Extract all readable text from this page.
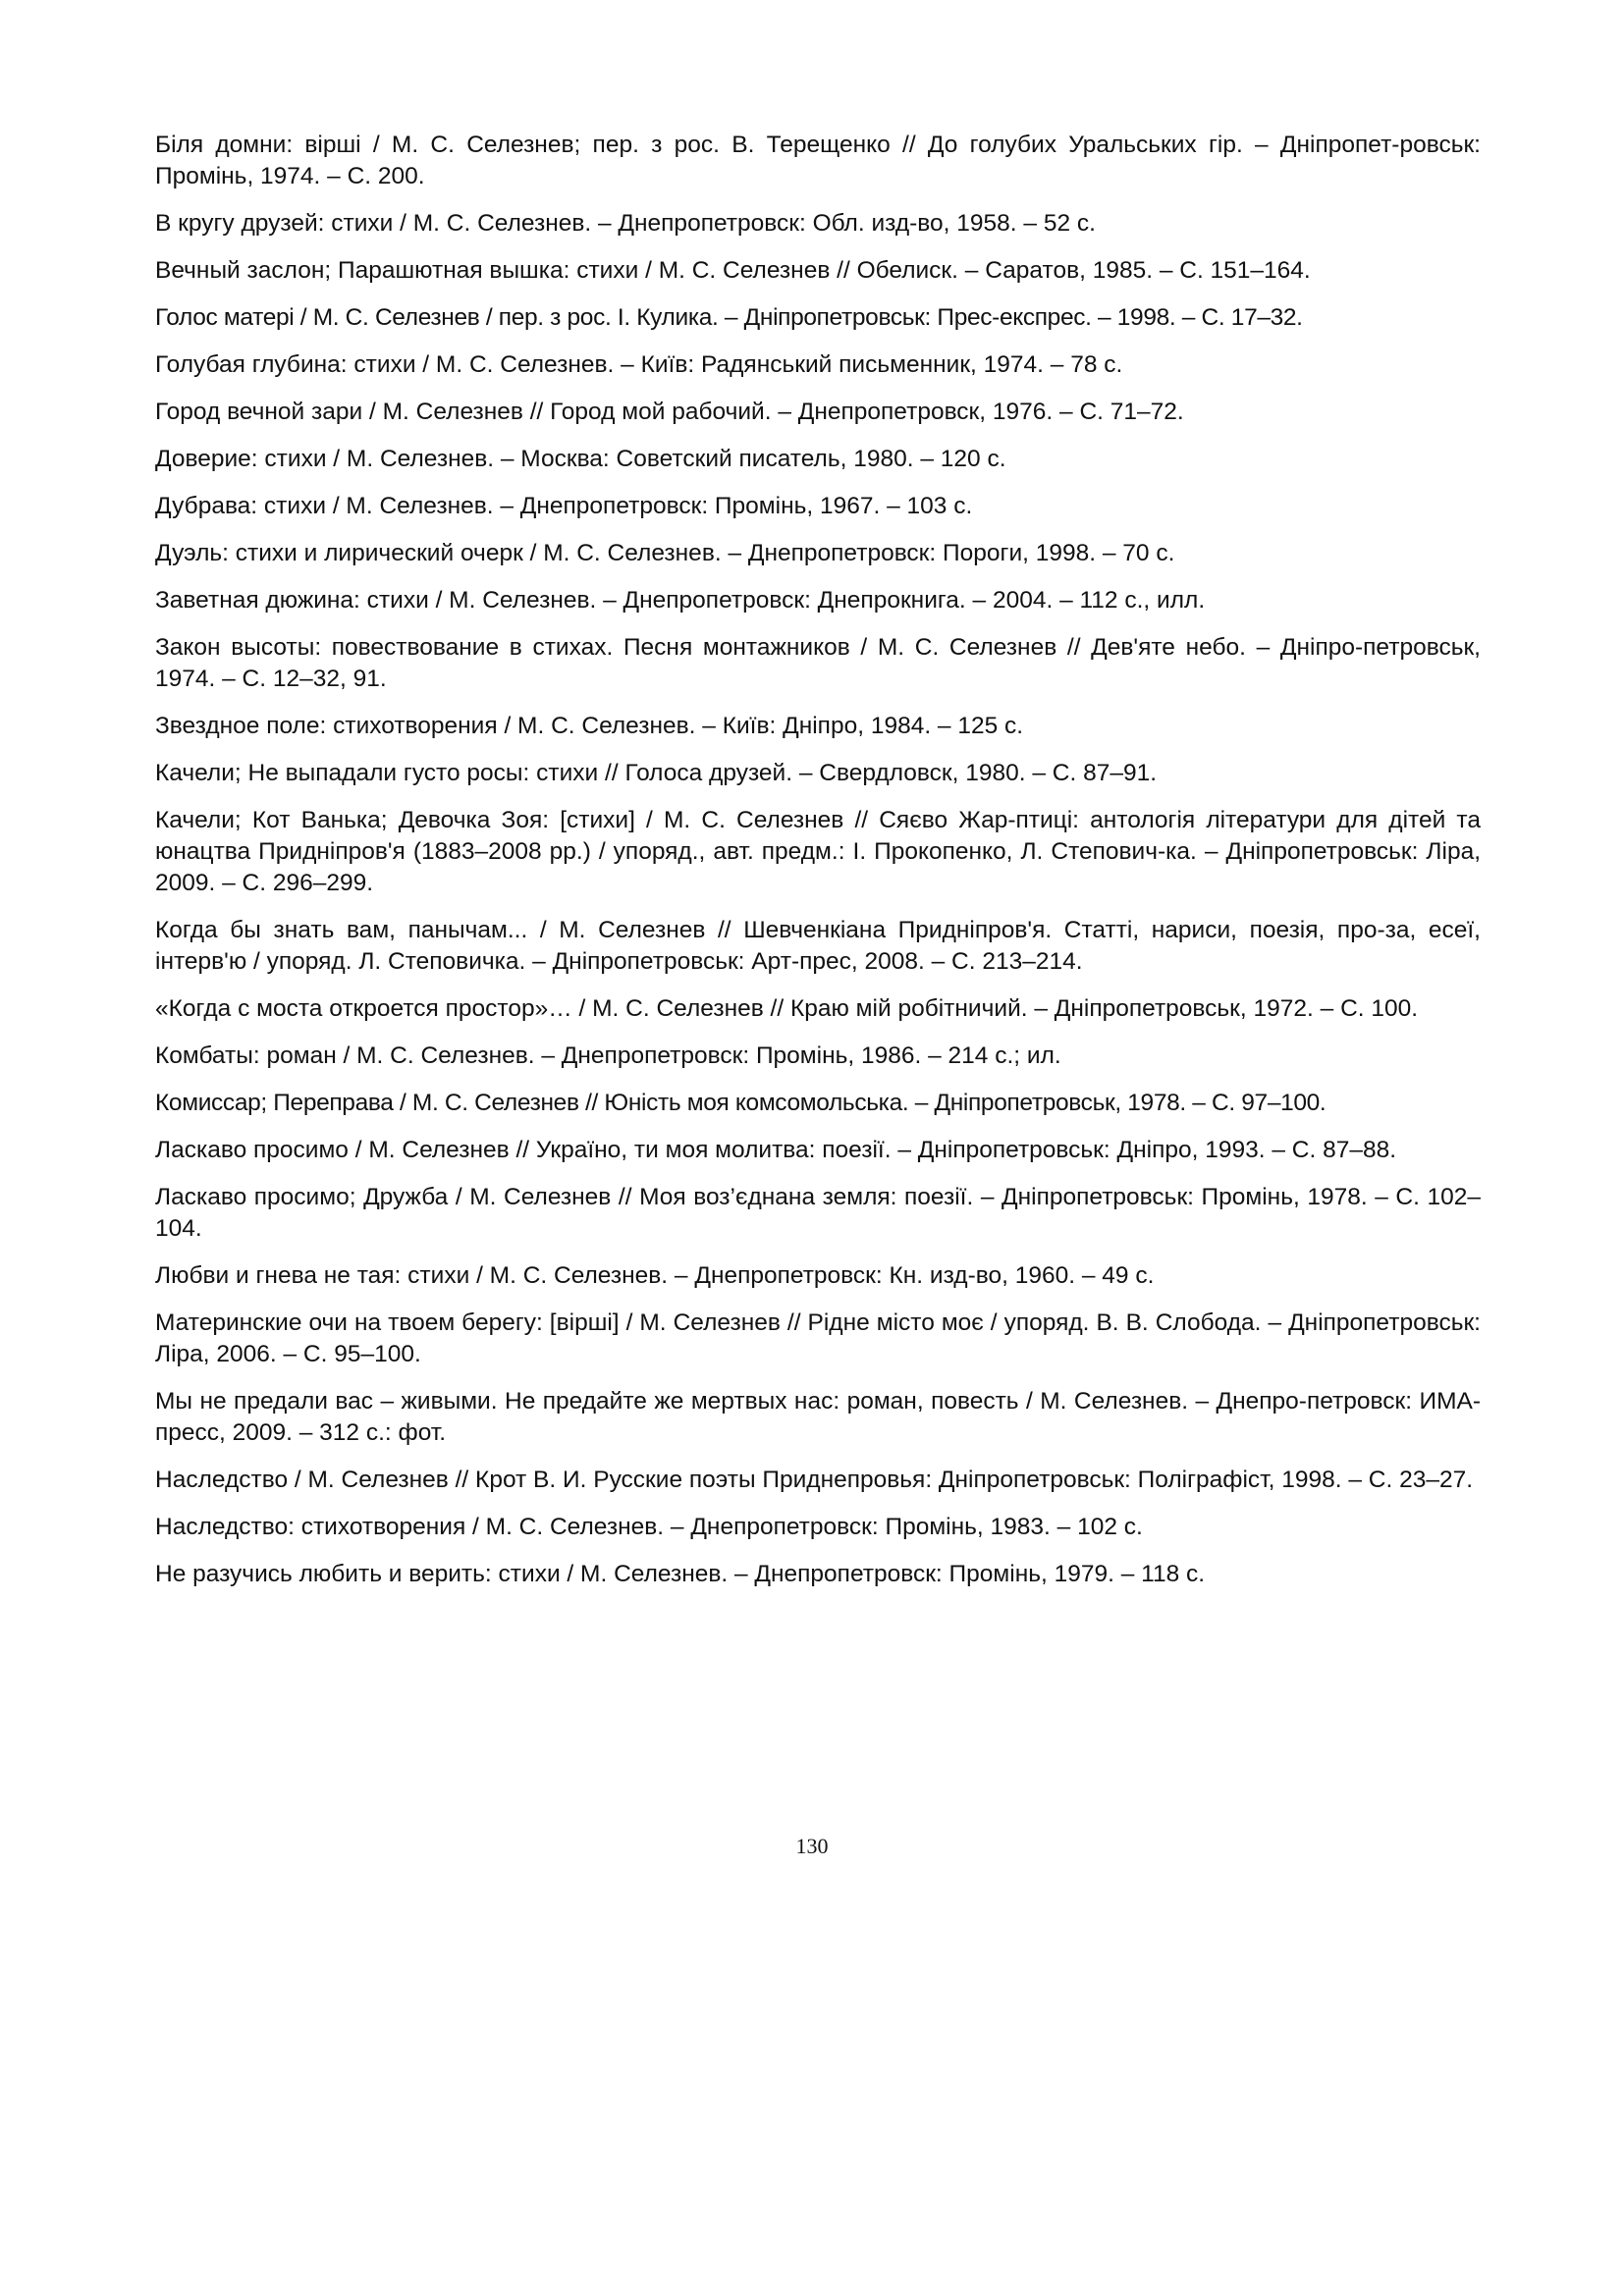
Біля домни: вірші / М. С. Селезнев; пер. з рос. В. Терещенко // До голубих Уральських гір. – Дніпропет-ровськ: Промінь, 1974. – С. 200.

В кругу друзей: стихи / М. С. Селезнев. – Днепропетровск: Обл. изд-во, 1958. – 52 с.

Вечный заслон; Парашютная вышка: стихи / М. С. Селезнев // Обелиск. – Саратов, 1985. – С. 151–164.

Голос матері / М. С. Селезнев / пер. з рос. І. Кулика. – Дніпропетровськ: Прес-експрес. – 1998. – С. 17–32.

Голубая глубина: стихи / М. С. Селезнев. – Київ: Радянський письменник, 1974. – 78 с.

Город вечной зари / М. Селезнев // Город мой рабочий. – Днепропетровск, 1976. – С. 71–72.

Доверие: стихи / М. Селезнев. – Москва: Советский писатель, 1980. – 120 с.

Дубрава: стихи / М. Селезнев. – Днепропетровск: Промінь, 1967. – 103 с.

Дуэль: стихи и лирический очерк / М. С. Селезнев. – Днепропетровск: Пороги, 1998. – 70 с.

Заветная дюжина: стихи / М. Селезнев. – Днепропетровск: Днепрокнига. – 2004. – 112 с., илл.

Закон высоты: повествование в стихах. Песня монтажников / М. С. Селезнев // Дев'яте небо. – Дніпро-петровськ, 1974. – С. 12–32, 91.

Звездное поле: стихотворения / М. С. Селезнев. – Київ: Дніпро, 1984. – 125 с.

Качели; Не выпадали густо росы: стихи // Голоса друзей. – Свердловск, 1980. – С. 87–91.

Качели; Кот Ванька; Девочка Зоя: [стихи] / М. С. Селезнев // Сяєво Жар-птиці: антологія літератури для дітей та юнацтва Придніпров'я (1883–2008 рр.) / упоряд., авт. предм.: І. Прокопенко, Л. Степович-ка. – Дніпропетровськ: Ліра, 2009. – С. 296–299.

Когда бы знать вам, панычам... / М. Селезнев // Шевченкіана Придніпров'я. Статті, нариси, поезія, про-за, есеї, інтерв'ю / упоряд. Л. Степовичка. – Дніпропетровськ: Арт-прес, 2008. – С. 213–214.

«Когда с моста откроется простор»… / М. С. Селезнев // Краю мій робітничий. – Дніпропетровськ, 1972. – С. 100.

Комбаты: роман / М. С. Селезнев. – Днепропетровск: Промінь, 1986. – 214 с.; ил.

Комиссар; Переправа / М. С. Селезнев // Юність моя комсомольська. – Дніпропетровськ, 1978. – С. 97–100.

Ласкаво просимо / М. Селезнев // Україно, ти моя молитва: поезії. – Дніпропетровськ: Дніпро, 1993. – С. 87–88.

Ласкаво просимо; Дружба / М. Селезнев // Моя воз’єднана земля: поезії. – Дніпропетровськ: Промінь, 1978. – С. 102–104.

Любви и гнева не тая: стихи / М. С. Селезнев. – Днепропетровск: Кн. изд-во, 1960. – 49 с.

Материнские очи на твоем берегу: [вірші] / М. Селезнев // Рідне місто моє / упоряд. В. В. Слобода. – Дніпропетровськ: Ліра, 2006. – С. 95–100.

Мы не предали вас – живыми. Не предайте же мертвых нас: роман, повесть / М. Селезнев. – Днепро-петровск: ИМА-пресс, 2009. – 312 с.: фот.

Наследство / М. Селезнев // Крот В. И. Русские поэты Приднепровья: Дніпропетровськ: Поліграфіст, 1998. – С. 23–27.

Наследство: стихотворения / М. С. Селезнев. – Днепропетровск: Промінь, 1983. – 102 с.

Не разучись любить и верить: стихи / М. Селезнев. – Днепропетровск: Промінь, 1979. – 118 с.

130
